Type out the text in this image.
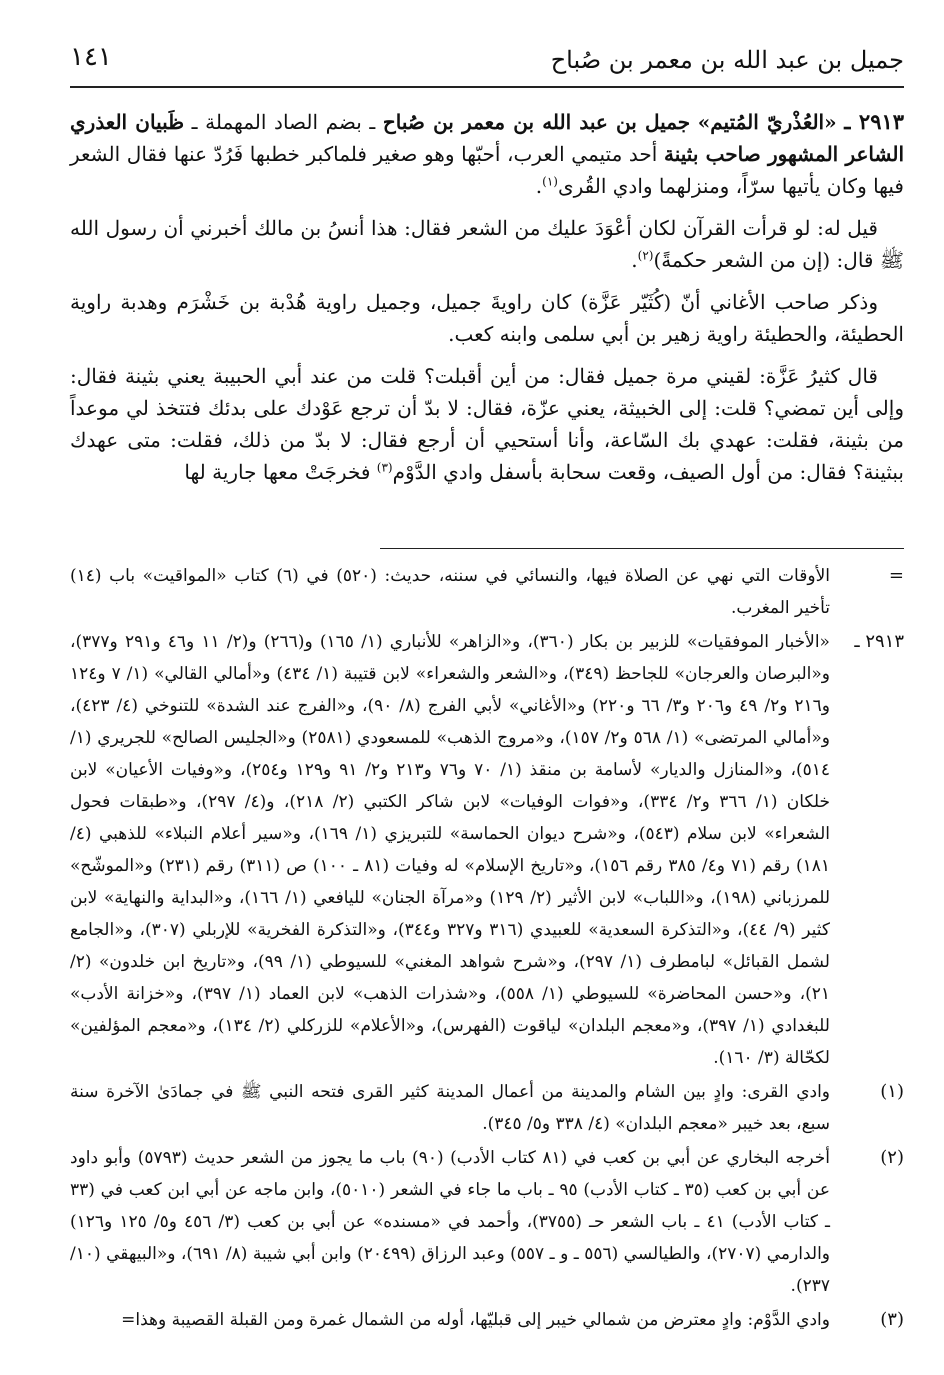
١٤١	جميل بن عبد الله بن معمر بن صُباح

٢٩١٣ ـ «العُذْريّ المُتيم» جميل بن عبد الله بن معمر بن صُباح ـ بضم الصاد المهملة ـ ظَبيان العذري الشاعر المشهور صاحب بثينة أحد متيمي العرب، أحبّها وهو صغير فلماكبر خطبها فَرُدّ عنها فقال الشعر فيها وكان يأتيها سرّاً، ومنزلهما وادي القُرى$^{(١)}$.

قيل له: لو قرأت القرآن لكان أعْوَدَ عليك من الشعر فقال: هذا أنسُ بن مالك أخبرني أن رسول الله ﷺ قال: (إن من الشعر حكمةً)$^{(٢)}$.

وذكر صاحب الأغاني أنّ (كُثَيّر عَزَّة) كان راويةَ جميل، وجميل راوية هُدْبة بن خَشْرَم وهدبة راوية الحطيئة، والحطيئة راوية زهير بن أبي سلمى وابنه كعب.

قال كثيرُ عَزَّة: لقيني مرة جميل فقال: من أين أقبلت؟ قلت من عند أبي الحبيبة يعني بثينة فقال: وإلى أين تمضي؟ قلت: إلى الخبيثة، يعني عزّة، فقال: لا بدّ أن ترجع عَوْدك على بدئك فتتخذ لي موعداً من بثينة، فقلت: عهدي بك السّاعة، وأنا أستحيي أن أرجع فقال: لا بدّ من ذلك، فقلت: متى عهدك ببثينة؟ فقال: من أول الصيف، وقعت سحابة بأسفل وادي الدَّوْم$^{(٣)}$ فخرجَتْ معها جارية لها

=
الأوقات التي نهي عن الصلاة فيها، والنسائي في سننه، حديث: (٥٢٠) في (٦) كتاب «المواقيت» باب (١٤) تأخير المغرب.
٢٩١٣ ـ
«الأخبار الموفقيات» للزبير بن بكار (٣٦٠)، و«الزاهر» للأنباري (١/ ١٦٥) و(٢٦٦) و(٢/ ١١ و٤٦ و٢٩١ و٣٧٧)، و«البرصان والعرجان» للجاحظ (٣٤٩)، و«الشعر والشعراء» لابن قتيبة (١/ ٤٣٤) و«أمالي القالي» (١/ ٧ و١٢٤ و٢١٦ و٢/ ٤٩ و٢٠٦ و٣/ ٦٦ و٢٢٠) و«الأغاني» لأبي الفرج (٨/ ٩٠)، و«الفرج عند الشدة» للتنوخي (٤/ ٤٢٣)، و«أمالي المرتضى» (١/ ٥٦٨ و٢/ ١٥٧)، و«مروج الذهب» للمسعودي (٢٥٨١) و«الجليس الصالح» للجريري (١/ ٥١٤)، و«المنازل والديار» لأسامة بن منقذ (١/ ٧٠ و٧٦ و٢١٣ و٢/ ٩١ و١٢٩ و٢٥٤)، و«وفيات الأعيان» لابن خلكان (١/ ٣٦٦ و٢/ ٣٣٤)، و«فوات الوفيات» لابن شاكر الكتبي (٢/ ٢١٨)، و(٤/ ٢٩٧)، و«طبقات فحول الشعراء» لابن سلام (٥٤٣)، و«شرح ديوان الحماسة» للتبريزي (١/ ١٦٩)، و«سير أعلام النبلاء» للذهبي (٤/ ١٨١) رقم (٧١ و٤/ ٣٨٥ رقم ١٥٦)، و«تاريخ الإسلام» له وفيات (٨١ ـ ١٠٠) ص (٣١١) رقم (٢٣١) و«الموشّح» للمرزباني (١٩٨)، و«اللباب» لابن الأثير (٢/ ١٢٩) و«مرآة الجنان» لليافعي (١/ ١٦٦)، و«البداية والنهاية» لابن كثير (٩/ ٤٤)، و«التذكرة السعدية» للعبيدي (٣١٦ و٣٢٧ و٣٤٤)، و«التذكرة الفخرية» للإربلي (٣٠٧)، و«الجامع لشمل القبائل» لبامطرف (١/ ٢٩٧)، و«شرح شواهد المغني» للسيوطي (١/ ٩٩)، و«تاريخ ابن خلدون» (٢/ ٢١)، و«حسن المحاضرة» للسيوطي (١/ ٥٥٨)، و«شذرات الذهب» لابن العماد (١/ ٣٩٧)، و«خزانة الأدب» للبغدادي (١/ ٣٩٧)، و«معجم البلدان» لياقوت (الفهرس)، و«الأعلام» للزركلي (٢/ ١٣٤)، و«معجم المؤلفين» لكحّالة (٣/ ١٦٠).
(١)
وادي القرى: وادٍ بين الشام والمدينة من أعمال المدينة كثير القرى فتحه النبي ﷺ في جمادَىٰ الآخرة سنة سبع، بعد خيبر «معجم البلدان» (٤/ ٣٣٨ و٥/ ٣٤٥).
(٢)
أخرجه البخاري عن أبي بن كعب في (٨١ كتاب الأدب) (٩٠) باب ما يجوز من الشعر حديث (٥٧٩٣) وأبو داود عن أبي بن كعب (٣٥ ـ كتاب الأدب) ٩٥ ـ باب ما جاء في الشعر (٥٠١٠)، وابن ماجه عن أبي ابن كعب في (٣٣ ـ كتاب الأدب) ٤١ ـ باب الشعر حـ (٣٧٥٥)، وأحمد في «مسنده» عن أبي بن كعب (٣/ ٤٥٦ و٥/ ١٢٥ و١٢٦) والدارمي (٢٧٠٧)، والطيالسي (٥٥٦ ـ و ـ ٥٥٧) وعبد الرزاق (٢٠٤٩٩) وابن أبي شيبة (٨/ ٦٩١)، و«البيهقي (١٠/ ٢٣٧).
(٣)
وادي الدَّوْم: وادٍ معترض من شمالي خيبر إلى قبليّها، أوله من الشمال غمرة ومن القبلة القصيبة وهذا=
